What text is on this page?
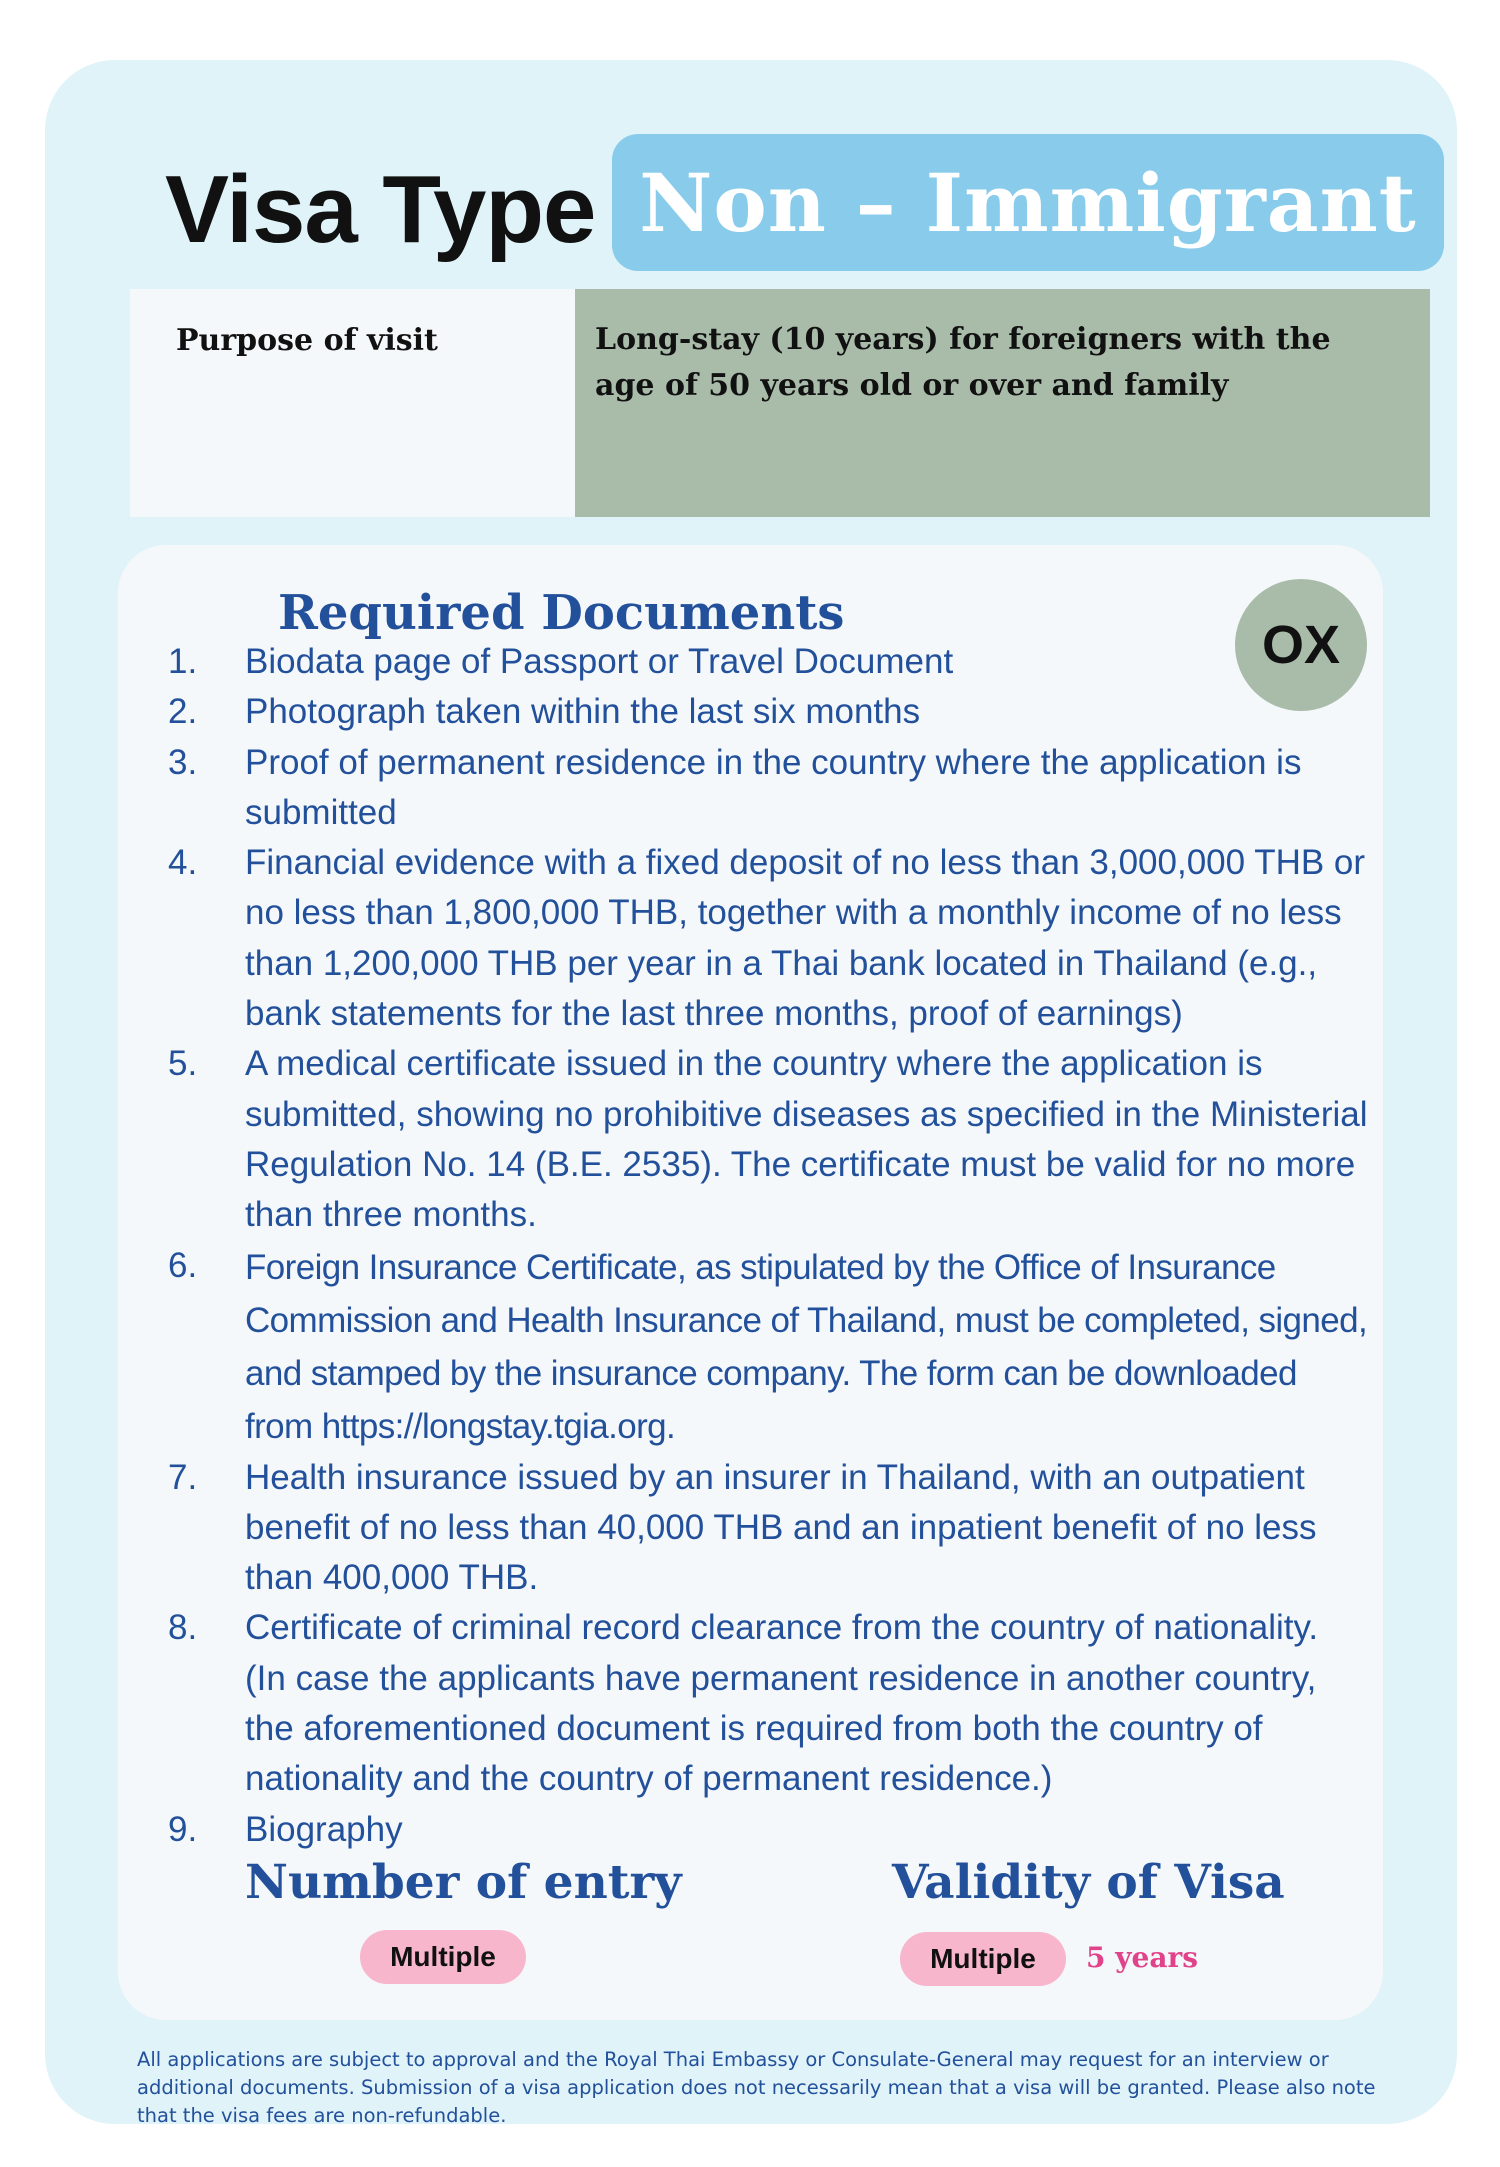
Visa Type Non – Immigrant
Purpose of visit	Long-stay (10 years) for foreigners with the age of 50 years old or over and family
Required Documents
OX
1.	Biodata page of Passport or Travel Document
2.	Photograph taken within the last six months
3.	Proof of permanent residence in the country where the application is submitted
4.	Financial evidence with a fixed deposit of no less than 3,000,000 THB or no less than 1,800,000 THB, together with a monthly income of no less than 1,200,000 THB per year in a Thai bank located in Thailand (e.g., bank statements for the last three months, proof of earnings)
5.	A medical certificate issued in the country where the application is submitted, showing no prohibitive diseases as specified in the Ministerial Regulation No. 14 (B.E. 2535). The certificate must be valid for no more than three months.
6.	Foreign Insurance Certificate, as stipulated by the Office of Insurance Commission and Health Insurance of Thailand, must be completed, signed, and stamped by the insurance company. The form can be downloaded from https://longstay.tgia.org.
7.	Health insurance issued by an insurer in Thailand, with an outpatient benefit of no less than 40,000 THB and an inpatient benefit of no less than 400,000 THB.
8.	Certificate of criminal record clearance from the country of nationality. (In case the applicants have permanent residence in another country, the aforementioned document is required from both the country of nationality and the country of permanent residence.)
9.	Biography
Number of entry
Multiple
Validity of Visa
Multiple	5 years
All applications are subject to approval and the Royal Thai Embassy or Consulate-General may request for an interview or additional documents. Submission of a visa application does not necessarily mean that a visa will be granted. Please also note that the visa fees are non-refundable.
